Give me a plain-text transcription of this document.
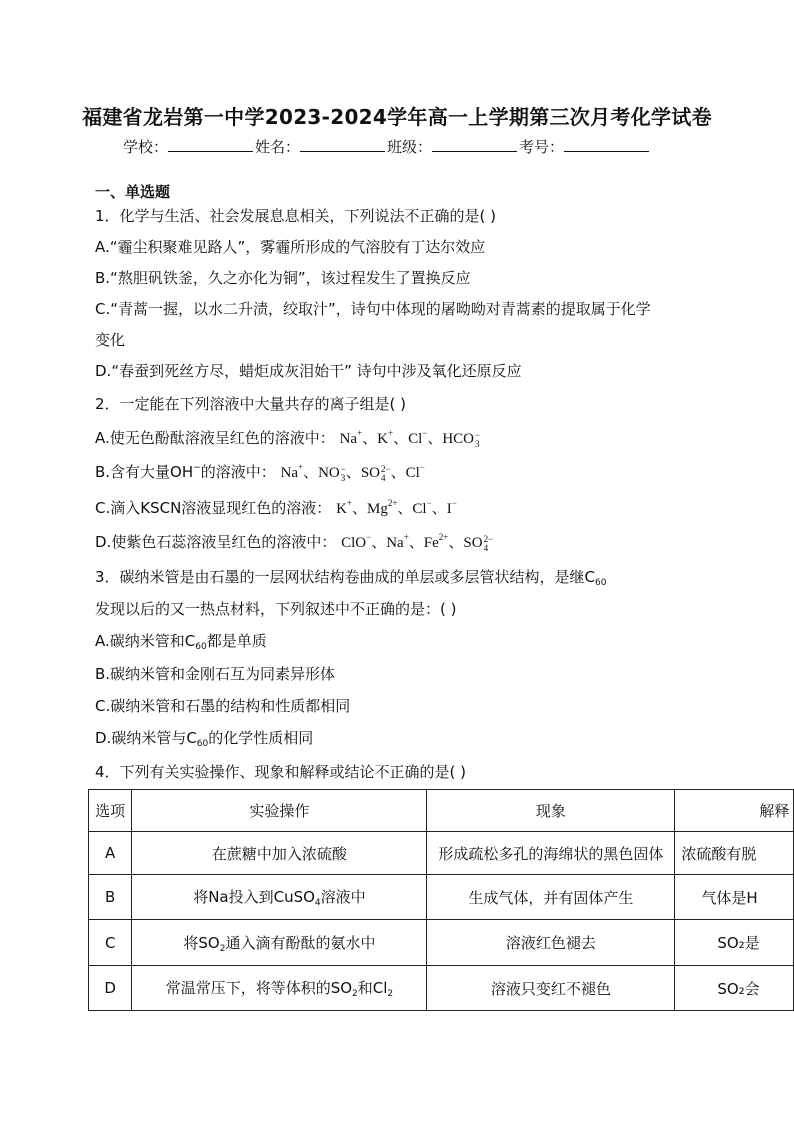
福建省龙岩第一中学2023-2024学年高一上学期第三次月考化学试卷
学校：	姓名：	班级：	考号：
一、单选题
1．化学与生活、社会发展息息相关，下列说法不正确的是( )
A.“霾尘积聚难见路人”，雾霾所形成的气溶胶有丁达尔效应
B.“熬胆矾铁釜，久之亦化为铜”，该过程发生了置换反应
C.“青蒿一握，以水二升渍，绞取汁”，诗句中体现的屠呦呦对青蒿素的提取属于化学
变化
D.“春蚕到死丝方尽，蜡炬成灰泪始干” 诗句中涉及氧化还原反应
2．一定能在下列溶液中大量共存的离子组是( )
A.使无色酚酞溶液呈红色的溶液中： Na+、K+、Cl−、HCO −
3
B.含有大量OH−的溶液中： Na+、NO −
3 、SO 2−
4 、Cl−
C.滴入KSCN溶液显现红色的溶液： K+、$Mg^{2+}$、Cl−、I−
D.使紫色石蕊溶液呈红色的溶液中： ClO−、Na+、$Fe^{2+}$、SO 2−
4
3．碳纳米管是由石墨的一层网状结构卷曲成的单层或多层管状结构，是继$C_{60}$
发现以后的又一热点材料，下列叙述中不正确的是：( )
A.碳纳米管和$C_{60}$都是单质
B.碳纳米管和金刚石互为同素异形体
C.碳纳米管和石墨的结构和性质都相同
D.碳纳米管与$C_{60}$的化学性质相同
4．下列有关实验操作、现象和解释或结论不正确的是( )
选项	实验操作	现象	解释
A	在蔗糖中加入浓硫酸	形成疏松多孔的海绵状的黑色固体	浓硫酸有脱
B	将Na投入到CuSO$_4$溶液中	生成气体，并有固体产生	气体是H
C	将$SO_2$通入滴有酚酞的氨水中	溶液红色褪去	SO₂是
D	常温常压下，将等体积的$SO_2$和$Cl_2$	溶液只变红不褪色	SO₂会
